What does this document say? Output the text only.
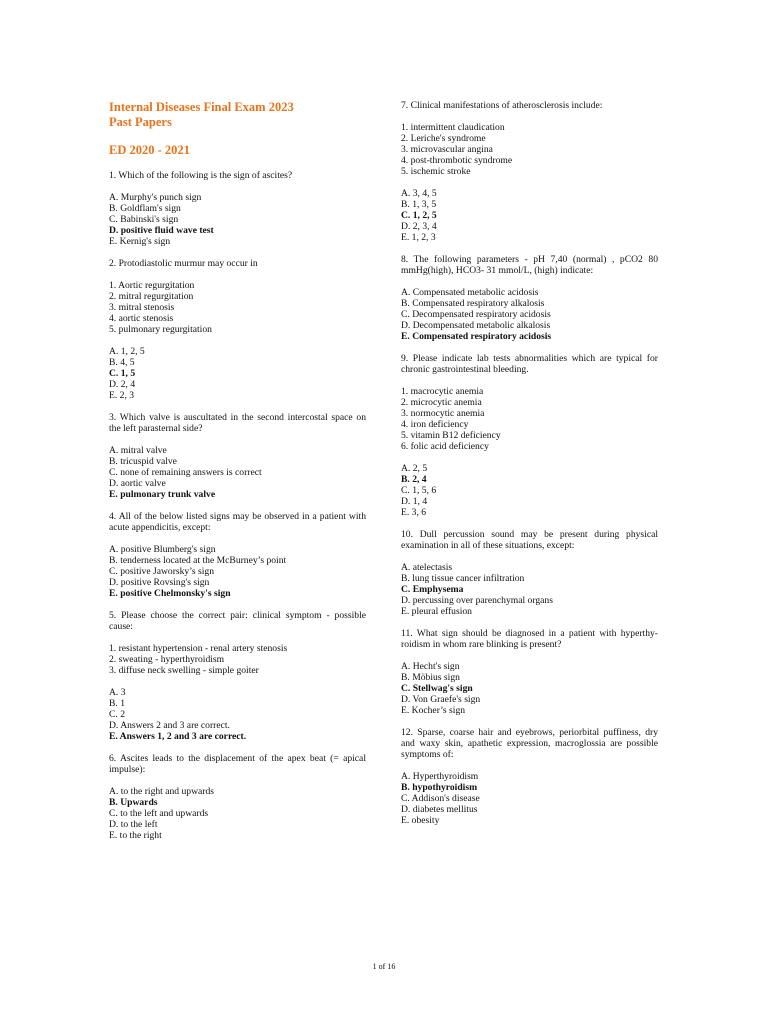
Internal Diseases Final Exam 2023
Past Papers
ED 2020 - 2021
1. Which of the following is the sign of ascites?
A. Murphy's punch sign
B. Goldflam's sign
C. Babinski's sign
D. positive fluid wave test
E. Kernig's sign
2. Protodiastolic murmur may occur in
1. Aortic regurgitation
2. mitral regurgitation
3. mitral stenosis
4. aortic stenosis
5. pulmonary regurgitation
A. 1, 2, 5
B. 4, 5
C. 1, 5
D. 2, 4
E. 2, 3
3. Which valve is auscultated in the second intercostal space on the left parasternal side?
A. mitral valve
B. tricuspid valve
C. none of remaining answers is correct
D. aortic valve
E. pulmonary trunk valve
4. All of the below listed signs may be observed in a patient with acute appendicitis, except:
A. positive Blumberg's sign
B. tenderness located at the McBurney’s point
C. positive Jaworsky’s sign
D. positive Rovsing's sign
E. positive Chelmonsky's sign
5. Please choose the correct pair: clinical symptom - possible cause:
1. resistant hypertension - renal artery stenosis
2. sweating - hyperthyroidism
3. diffuse neck swelling - simple goiter
A. 3
B. 1
C. 2
D. Answers 2 and 3 are correct.
E. Answers 1, 2 and 3 are correct.
6. Ascites leads to the displacement of the apex beat (= apical impulse):
A. to the right and upwards
B. Upwards
C. to the left and upwards
D. to the left
E. to the right
7. Clinical manifestations of atherosclerosis include:
1. intermittent claudication
2. Leriche's syndrome
3. microvascular angina
4. post-thrombotic syndrome
5. ischemic stroke
A. 3, 4, 5
B. 1, 3, 5
C. 1, 2, 5
D. 2, 3, 4
E. 1, 2, 3
8. The following parameters - pH 7,40 (normal) , pCO2 80 mmHg(high), HCO3- 31 mmol/L, (high) indicate:
A. Compensated metabolic acidosis
B. Compensated respiratory alkalosis
C. Decompensated respiratory acidosis
D. Decompensated metabolic alkalosis
E. Compensated respiratory acidosis
9. Please indicate lab tests abnormalities which are typical for chronic gastrointestinal bleeding.
1. macrocytic anemia
2. microcytic anemia
3. normocytic anemia
4. iron deficiency
5. vitamin B12 deficiency
6. folic acid deficiency
A. 2, 5
B. 2, 4
C. 1, 5, 6
D. 1, 4
E. 3, 6
10. Dull percussion sound may be present during physical examination in all of these situations, except:
A. atelectasis
B. lung tissue cancer infiltration
C. Emphysema
D. percussing over parenchymal organs
E. pleural effusion
11. What sign should be diagnosed in a patient with hyperthy-roidism in whom rare blinking is present?
A. Hecht's sign
B. Möbius sign
C. Stellwag's sign
D. Von Graefe's sign
E. Kocher’s sign
12. Sparse, coarse hair and eyebrows, periorbital puffiness, dry and waxy skin, apathetic expression, macroglossia are possible symptoms of:
A. Hyperthyroidism
B. hypothyroidism
C. Addison's disease
D. diabetes mellitus
E. obesity
1 of 16
